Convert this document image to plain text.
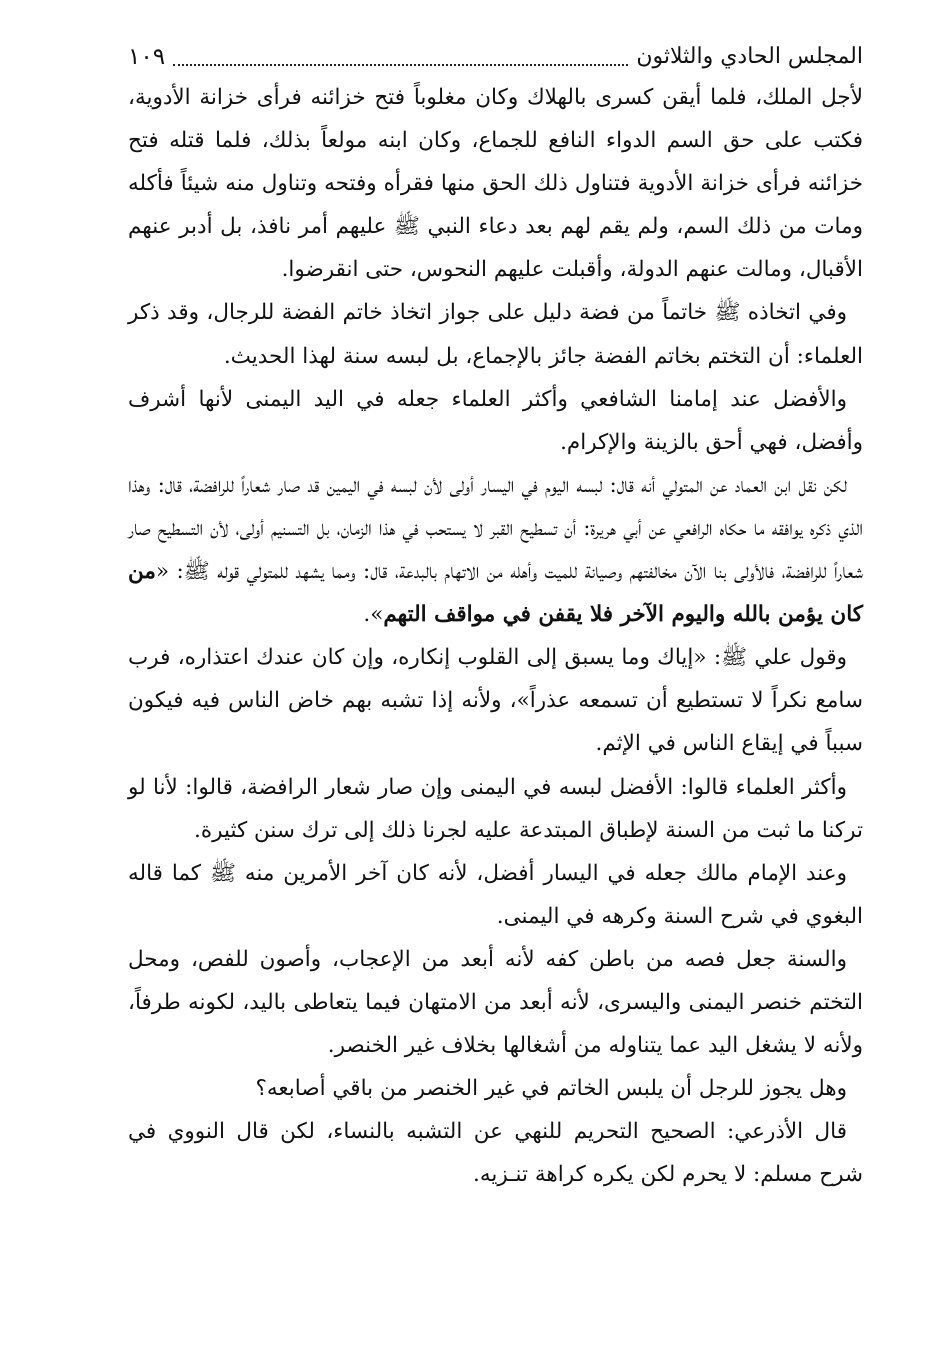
المجلس الحادي والثلاثون
١٠٩

لأجل الملك، فلما أيقن كسرى بالهلاك وكان مغلوباً فتح خزائنه فرأى خزانة الأدوية، فكتب على حق السم الدواء النافع للجماع، وكان ابنه مولعاً بذلك، فلما قتله فتح خزائنه فرأى خزانة الأدوية فتناول ذلك الحق منها فقرأه وفتحه وتناول منه شيئاً فأكله ومات من ذلك السم، ولم يقم لهم بعد دعاء النبي ﷺ عليهم أمر نافذ، بل أدبر عنهم الأقبال، ومالت عنهم الدولة، وأقبلت عليهم النحوس، حتى انقرضوا.

وفي اتخاذه ﷺ خاتماً من فضة دليل على جواز اتخاذ خاتم الفضة للرجال، وقد ذكر العلماء: أن التختم بخاتم الفضة جائز بالإجماع، بل لبسه سنة لهذا الحديث.

والأفضل عند إمامنا الشافعي وأكثر العلماء جعله في اليد اليمنى لأنها أشرف وأفضل، فهي أحق بالزينة والإكرام.

لكن نقل ابن العماد عن المتولي أنه قال: لبسه اليوم في اليسار أولى لأن لبسه في اليمين قد صار شعاراً للرافضة، قال: وهذا الذي ذكره يوافقه ما حكاه الرافعي عن أبي هريرة: أن تسطيح القبر لا يستحب في هذا الزمان، بل التسنيم أولى، لأن التسطيح صار شعاراً للرافضة، فالأولى بنا الآن مخالفتهم وصيانة للميت وأهله من الاتهام بالبدعة، قال: ومما يشهد للمتولي قوله ﷺ: «من كان يؤمن بالله واليوم الآخر فلا يقفن في مواقف التهم».

وقول علي ﷺ: «إياك وما يسبق إلى القلوب إنكاره، وإن كان عندك اعتذاره، فرب سامع نكراً لا تستطيع أن تسمعه عذراً»، ولأنه إذا تشبه بهم خاض الناس فيه فيكون سبباً في إيقاع الناس في الإثم.

وأكثر العلماء قالوا: الأفضل لبسه في اليمنى وإن صار شعار الرافضة، قالوا: لأنا لو تركنا ما ثبت من السنة لإطباق المبتدعة عليه لجرنا ذلك إلى ترك سنن كثيرة.

وعند الإمام مالك جعله في اليسار أفضل، لأنه كان آخر الأمرين منه ﷺ كما قاله البغوي في شرح السنة وكرهه في اليمنى.

والسنة جعل فصه من باطن كفه لأنه أبعد من الإعجاب، وأصون للفص، ومحل التختم خنصر اليمنى واليسرى، لأنه أبعد من الامتهان فيما يتعاطى باليد، لكونه طرفاً، ولأنه لا يشغل اليد عما يتناوله من أشغالها بخلاف غير الخنصر.

وهل يجوز للرجل أن يلبس الخاتم في غير الخنصر من باقي أصابعه؟

قال الأذرعي: الصحيح التحريم للنهي عن التشبه بالنساء، لكن قال النووي في شرح مسلم: لا يحرم لكن يكره كراهة تنـزيه.
